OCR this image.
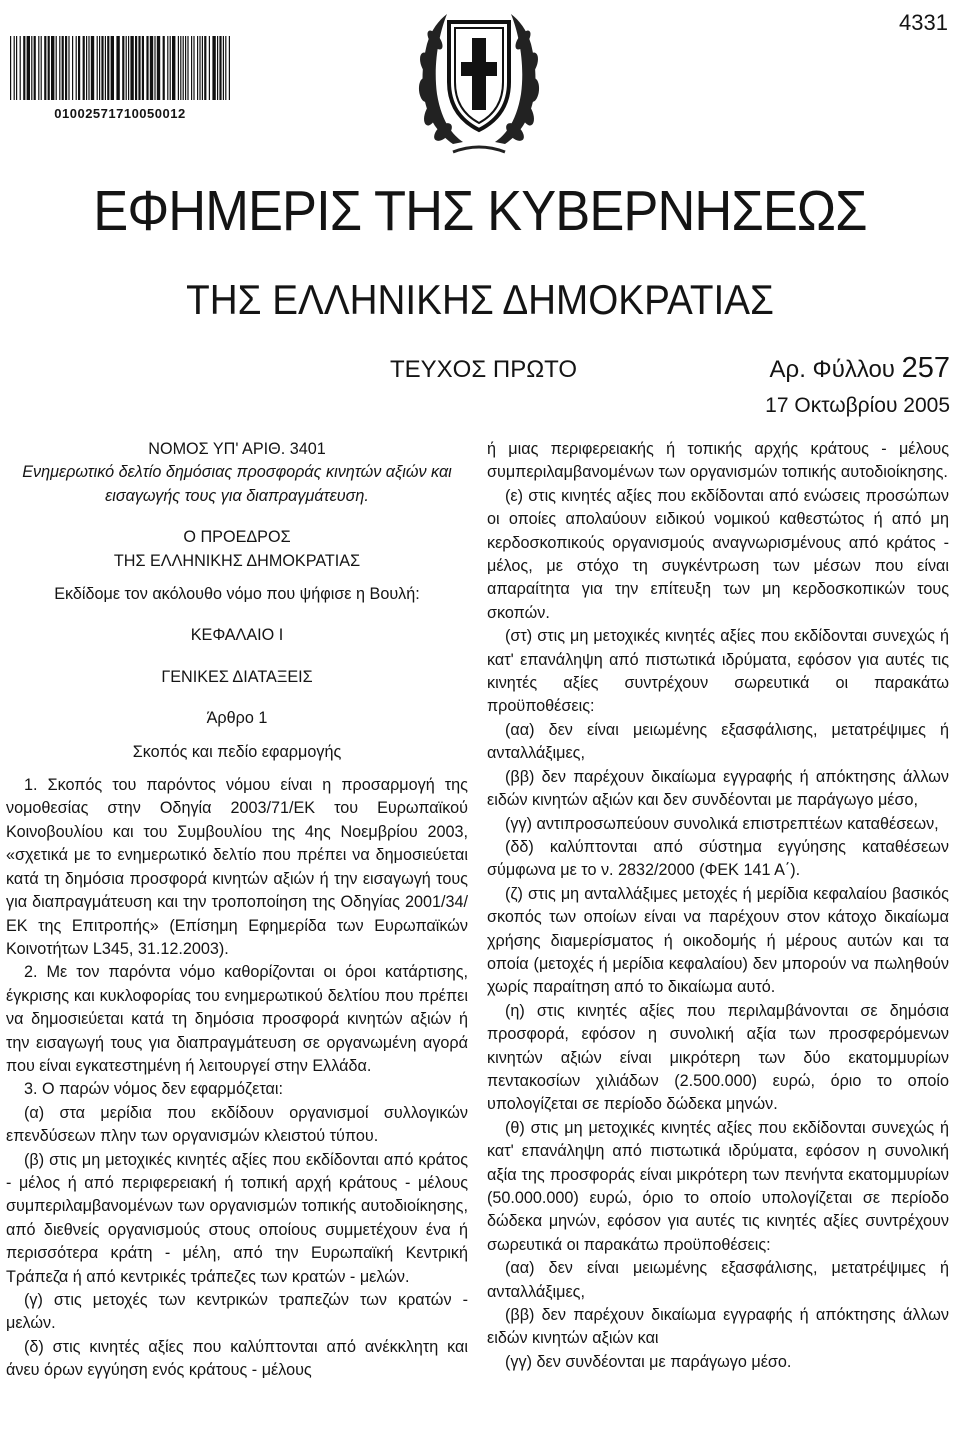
4331
01002571710050012
ΕΦΗΜΕΡΙΣ ΤΗΣ ΚΥΒΕΡΝΗΣΕΩΣ
ΤΗΣ ΕΛΛΗΝΙΚΗΣ ΔΗΜΟΚΡΑΤΙΑΣ
ΤΕΥΧΟΣ ΠΡΩΤΟ	Αρ. Φύλλου 257
17 Οκτωβρίου 2005

ΝΟΜΟΣ ΥΠ' ΑΡΙΘ. 3401

Ενημερωτικό δελτίο δημόσιας προσφοράς κινητών αξιών και εισαγωγής τους για διαπραγμάτευση.

Ο ΠΡΟΕΔΡΟΣ

ΤΗΣ ΕΛΛΗΝΙΚΗΣ ΔΗΜΟΚΡΑΤΙΑΣ

Εκδίδομε τον ακόλουθο νόμο που ψήφισε η Βουλή:

ΚΕΦΑΛΑΙΟ Ι

ΓΕΝΙΚΕΣ ΔΙΑΤΑΞΕΙΣ

Άρθρο 1

Σκοπός και πεδίο εφαρμογής

1. Σκοπός του παρόντος νόμου είναι η προσαρμογή της νομοθεσίας στην Οδηγία 2003/71/ΕΚ του Ευρωπαϊκού Κοινοβουλίου και του Συμβουλίου της 4ης Νοεμβρίου 2003, «σχετικά με το ενημερωτικό δελτίο που πρέπει να δημοσιεύεται κατά τη δημόσια προσφορά κινητών αξιών ή την εισαγωγή τους για διαπραγμάτευση και την τροποποίηση της Οδηγίας 2001/34/ΕΚ της Επιτροπής» (Επίσημη Εφημερίδα των Ευρωπαϊκών Κοινοτήτων L345, 31.12.2003).

2. Με τον παρόντα νόμο καθορίζονται οι όροι κατάρτισης, έγκρισης και κυκλοφορίας του ενημερωτικού δελτίου που πρέπει να δημοσιεύεται κατά τη δημόσια προσφορά κινητών αξιών ή την εισαγωγή τους για διαπραγμάτευση σε οργανωμένη αγορά που είναι εγκατεστημένη ή λειτουργεί στην Ελλάδα.

3. Ο παρών νόμος δεν εφαρμόζεται:

(α) στα μερίδια που εκδίδουν οργανισμοί συλλογικών επενδύσεων πλην των οργανισμών κλειστού τύπου.

(β) στις μη μετοχικές κινητές αξίες που εκδίδονται από κράτος - μέλος ή από περιφερειακή ή τοπική αρχή κράτους - μέλους συμπεριλαμβανομένων των οργανισμών τοπικής αυτοδιοίκησης, από διεθνείς οργανισμούς στους οποίους συμμετέχουν ένα ή περισσότερα κράτη - μέλη, από την Ευρωπαϊκή Κεντρική Τράπεζα ή από κεντρικές τράπεζες των κρατών - μελών.

(γ) στις μετοχές των κεντρικών τραπεζών των κρατών - μελών.

(δ) στις κινητές αξίες που καλύπτονται από ανέκκλητη και άνευ όρων εγγύηση ενός κράτους - μέλους

ή μιας περιφερειακής ή τοπικής αρχής κράτους - μέλους συμπεριλαμβανομένων των οργανισμών τοπικής αυτοδιοίκησης.

(ε) στις κινητές αξίες που εκδίδονται από ενώσεις προσώπων οι οποίες απολαύουν ειδικού νομικού καθεστώτος ή από μη κερδοσκοπικούς οργανισμούς αναγνωρισμένους από κράτος - μέλος, με στόχο τη συγκέντρωση των μέσων που είναι απαραίτητα για την επίτευξη των μη κερδοσκοπικών τους σκοπών.

(στ) στις μη μετοχικές κινητές αξίες που εκδίδονται συνεχώς ή κατ' επανάληψη από πιστωτικά ιδρύματα, εφόσον για αυτές τις κινητές αξίες συντρέχουν σωρευτικά οι παρακάτω προϋποθέσεις:

(αα) δεν είναι μειωμένης εξασφάλισης, μετατρέψιμες ή ανταλλάξιμες,

(ββ) δεν παρέχουν δικαίωμα εγγραφής ή απόκτησης άλλων ειδών κινητών αξιών και δεν συνδέονται με παράγωγο μέσο,

(γγ) αντιπροσωπεύουν συνολικά επιστρεπτέων καταθέσεων,

(δδ) καλύπτονται από σύστημα εγγύησης καταθέσεων σύμφωνα με το ν. 2832/2000 (ΦΕΚ 141 Α΄).

(ζ) στις μη ανταλλάξιμες μετοχές ή μερίδια κεφαλαίου βασικός σκοπός των οποίων είναι να παρέχουν στον κάτοχο δικαίωμα χρήσης διαμερίσματος ή οικοδομής ή μέρους αυτών και τα οποία (μετοχές ή μερίδια κεφαλαίου) δεν μπορούν να πωληθούν χωρίς παραίτηση από το δικαίωμα αυτό.

(η) στις κινητές αξίες που περιλαμβάνονται σε δημόσια προσφορά, εφόσον η συνολική αξία των προσφερόμενων κινητών αξιών είναι μικρότερη των δύο εκατομμυρίων πεντακοσίων χιλιάδων (2.500.000) ευρώ, όριο το οποίο υπολογίζεται σε περίοδο δώδεκα μηνών.

(θ) στις μη μετοχικές κινητές αξίες που εκδίδονται συνεχώς ή κατ' επανάληψη από πιστωτικά ιδρύματα, εφόσον η συνολική αξία της προσφοράς είναι μικρότερη των πενήντα εκατομμυρίων (50.000.000) ευρώ, όριο το οποίο υπολογίζεται σε περίοδο δώδεκα μηνών, εφόσον για αυτές τις κινητές αξίες συντρέχουν σωρευτικά οι παρακάτω προϋποθέσεις:

(αα) δεν είναι μειωμένης εξασφάλισης, μετατρέψιμες ή ανταλλάξιμες,

(ββ) δεν παρέχουν δικαίωμα εγγραφής ή απόκτησης άλλων ειδών κινητών αξιών και

(γγ) δεν συνδέονται με παράγωγο μέσο.
